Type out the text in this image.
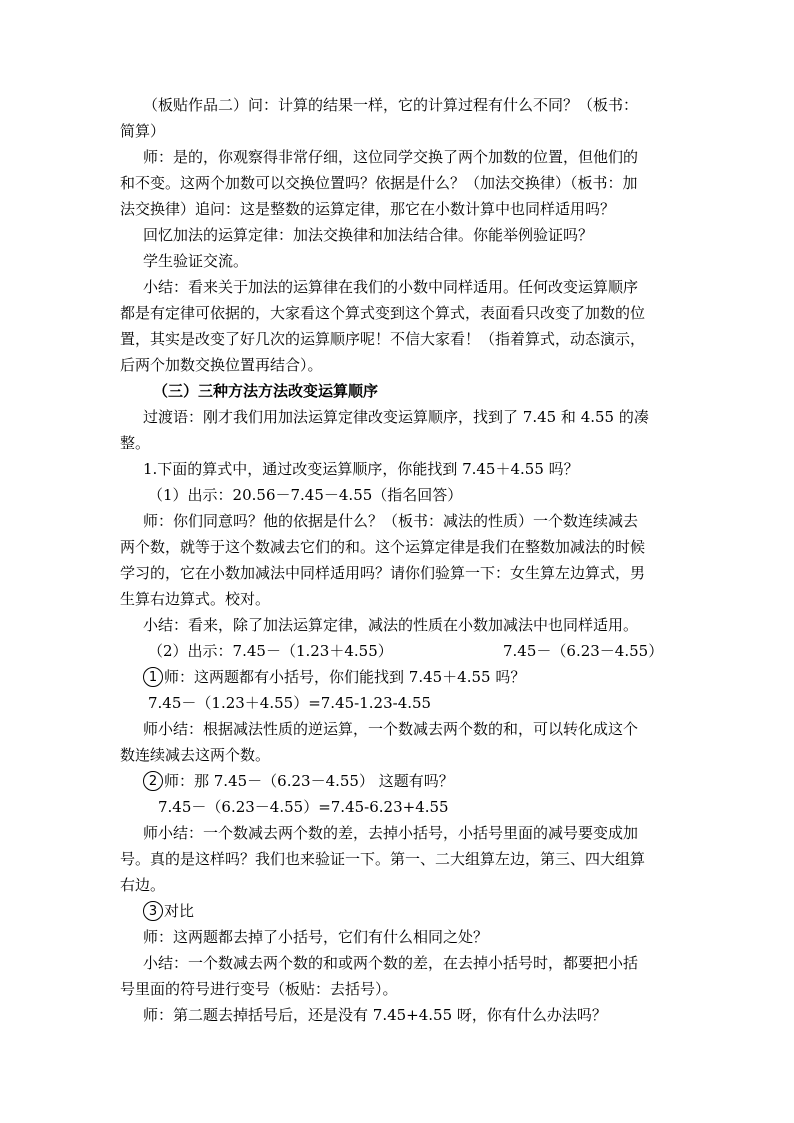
（板贴作品二）问：计算的结果一样，它的计算过程有什么不同？（板书：
简算）
师：是的，你观察得非常仔细，这位同学交换了两个加数的位置，但他们的
和不变。这两个加数可以交换位置吗？依据是什么？（加法交换律）（板书：加
法交换律）追问：这是整数的运算定律，那它在小数计算中也同样适用吗？
回忆加法的运算定律：加法交换律和加法结合律。你能举例验证吗？
学生验证交流。
小结：看来关于加法的运算律在我们的小数中同样适用。任何改变运算顺序
都是有定律可依据的，大家看这个算式变到这个算式，表面看只改变了加数的位
置，其实是改变了好几次的运算顺序呢！不信大家看！（指着算式，动态演示，
后两个加数交换位置再结合）。
（三）三种方法方法改变运算顺序
过渡语：刚才我们用加法运算定律改变运算顺序，找到了 7.45 和 4.55 的凑
整。
1.下面的算式中，通过改变运算顺序，你能找到 7.45＋4.55 吗？
（1）出示：20.56－7.45－4.55（指名回答）
师：你们同意吗？他的依据是什么？（板书：减法的性质）一个数连续减去
两个数，就等于这个数减去它们的和。这个运算定律是我们在整数加减法的时候
学习的，它在小数加减法中同样适用吗？请你们验算一下：女生算左边算式，男
生算右边算式。校对。
小结：看来，除了加法运算定律，减法的性质在小数加减法中也同样适用。
（2）出示：7.45－（1.23＋4.55）	7.45－（6.23－4.55）
1 师：这两题都有小括号，你们能找到 7.45＋4.55 吗？
7.45－（1.23＋4.55）=7.45-1.23-4.55
师小结：根据减法性质的逆运算，一个数减去两个数的和，可以转化成这个
数连续减去这两个数。
2 师：那 7.45－（6.23－4.55） 这题有吗？
7.45－（6.23－4.55）=7.45-6.23+4.55
师小结：一个数减去两个数的差，去掉小括号，小括号里面的减号要变成加
号。真的是这样吗？我们也来验证一下。第一、二大组算左边，第三、四大组算
右边。
3 对比
师：这两题都去掉了小括号，它们有什么相同之处？
小结：一个数减去两个数的和或两个数的差，在去掉小括号时，都要把小括
号里面的符号进行变号（板贴：去括号）。
师：第二题去掉括号后，还是没有 7.45+4.55 呀，你有什么办法吗？
